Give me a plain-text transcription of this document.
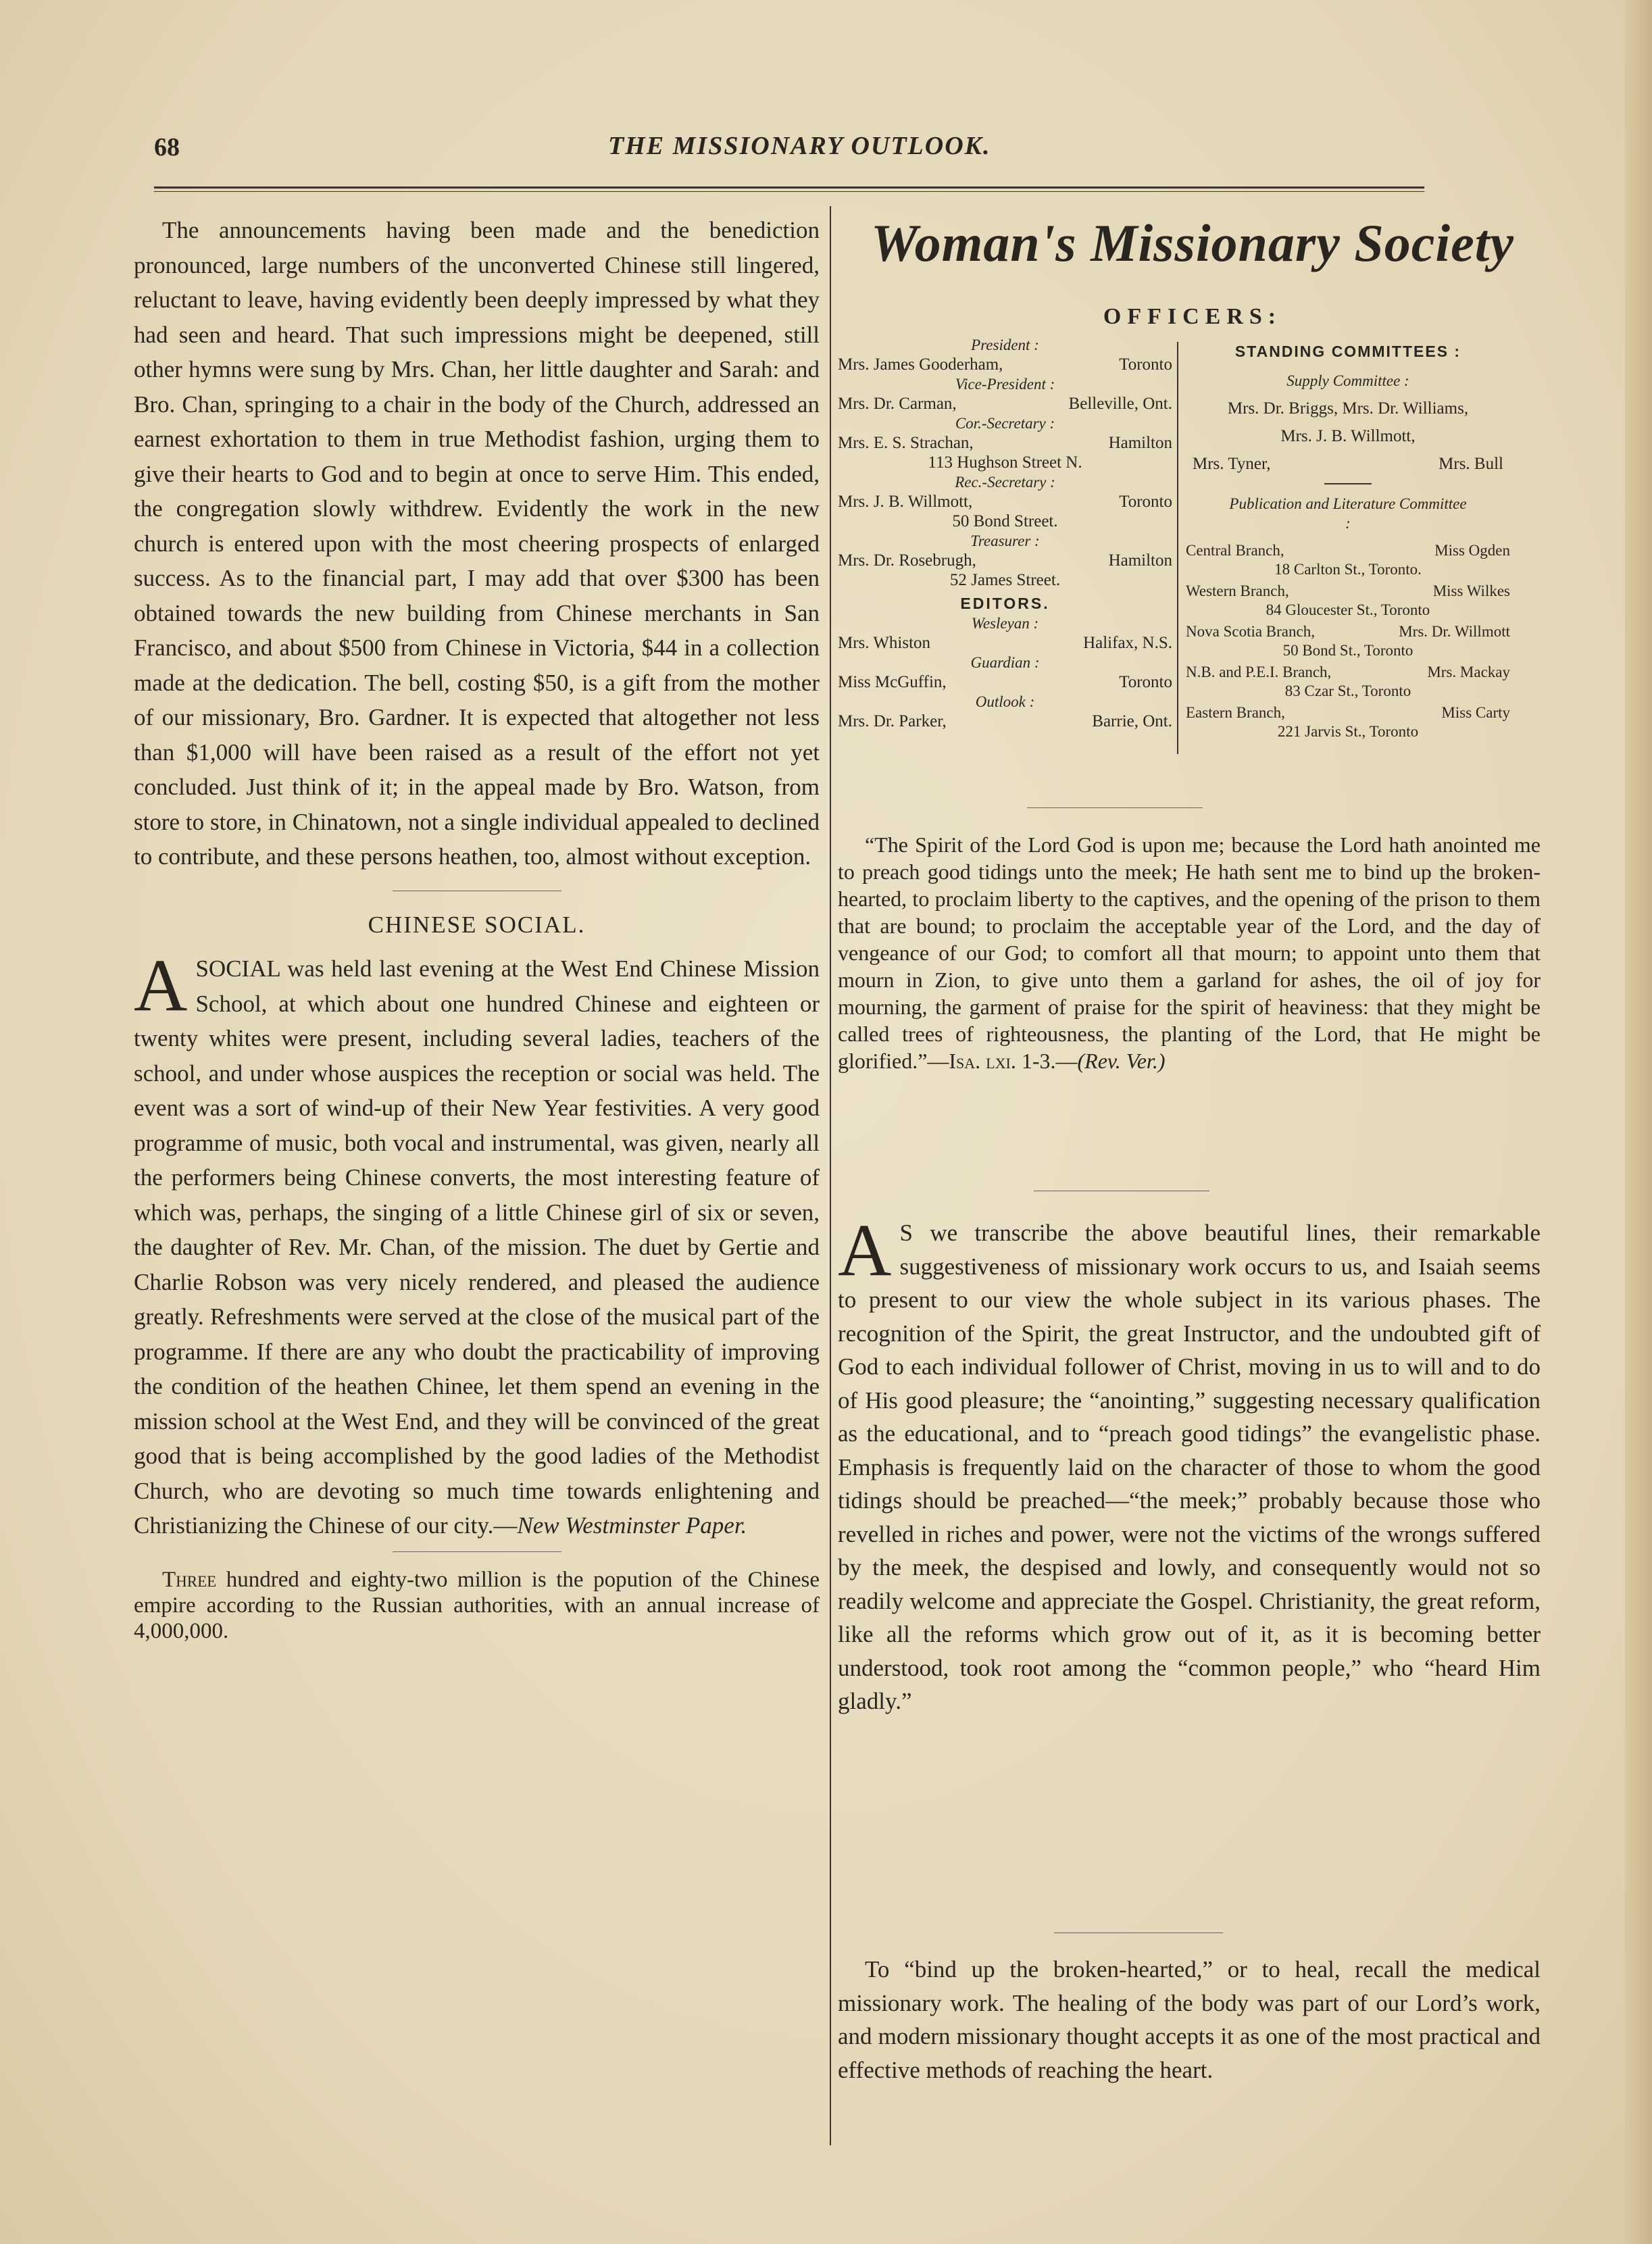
68	THE MISSIONARY OUTLOOK.

The announcements having been made and the benediction pronounced, large numbers of the unconverted Chinese still lingered, reluctant to leave, having evidently been deeply impressed by what they had seen and heard. That such impressions might be deepened, still other hymns were sung by Mrs. Chan, her little daughter and Sarah: and Bro. Chan, springing to a chair in the body of the Church, addressed an earnest exhortation to them in true Methodist fashion, urging them to give their hearts to God and to begin at once to serve Him. This ended, the congregation slowly withdrew. Evidently the work in the new church is entered upon with the most cheering prospects of enlarged success. As to the financial part, I may add that over $300 has been obtained towards the new building from Chinese merchants in San Francisco, and about $500 from Chinese in Victoria, $44 in a collection made at the dedication. The bell, costing $50, is a gift from the mother of our missionary, Bro. Gardner. It is expected that altogether not less than $1,000 will have been raised as a result of the effort not yet concluded. Just think of it; in the appeal made by Bro. Watson, from store to store, in Chinatown, not a single individual appealed to declined to contribute, and these persons heathen, too, almost without exception.

CHINESE SOCIAL.

ASOCIAL was held last evening at the West End Chinese Mission School, at which about one hundred Chinese and eighteen or twenty whites were present, including several ladies, teachers of the school, and under whose auspices the reception or social was held. The event was a sort of wind-up of their New Year festivities. A very good programme of music, both vocal and instrumental, was given, nearly all the performers being Chinese converts, the most interesting feature of which was, perhaps, the singing of a little Chinese girl of six or seven, the daughter of Rev. Mr. Chan, of the mission. The duet by Gertie and Charlie Robson was very nicely rendered, and pleased the audience greatly. Refreshments were served at the close of the musical part of the programme. If there are any who doubt the practicability of improving the condition of the heathen Chinee, let them spend an evening in the mission school at the West End, and they will be convinced of the great good that is being accomplished by the good ladies of the Methodist Church, who are devoting so much time towards enlightening and Christianizing the Chinese of our city.—New Westminster Paper.

Three hundred and eighty-two million is the popution of the Chinese empire according to the Russian authorities, with an annual increase of 4,000,000.

Woman's Missionary Society
OFFICERS:
President :
Mrs. James Gooderham,	Toronto
Vice-President :
Mrs. Dr. Carman,	Belleville, Ont.
Cor.-Secretary :
Mrs. E. S. Strachan,	Hamilton
113 Hughson Street N.
Rec.-Secretary :
Mrs. J. B. Willmott,	Toronto
50 Bond Street.
Treasurer :
Mrs. Dr. Rosebrugh,	Hamilton
52 James Street.
EDITORS.
Wesleyan :
Mrs. Whiston	Halifax, N.S.
Guardian :
Miss McGuffin,	Toronto
Outlook :
Mrs. Dr. Parker,	Barrie, Ont.
STANDING COMMITTEES :
Supply Committee :
Mrs. Dr. Briggs, Mrs. Dr. Williams,
Mrs. J. B. Willmott,
Mrs. Tyner,	Mrs. Bull
Publication and Literature Committee :
Central Branch,	Miss Ogden
18 Carlton St., Toronto.
Western Branch,	Miss Wilkes
84 Gloucester St., Toronto
Nova Scotia Branch,	Mrs. Dr. Willmott
50 Bond St., Toronto
N.B. and P.E.I. Branch,	Mrs. Mackay
83 Czar St., Toronto
Eastern Branch,	Miss Carty
221 Jarvis St., Toronto

“The Spirit of the Lord God is upon me; because the Lord hath anointed me to preach good tidings unto the meek; He hath sent me to bind up the broken-hearted, to proclaim liberty to the captives, and the opening of the prison to them that are bound; to proclaim the acceptable year of the Lord, and the day of vengeance of our God; to comfort all that mourn; to appoint unto them that mourn in Zion, to give unto them a garland for ashes, the oil of joy for mourning, the garment of praise for the spirit of heaviness: that they might be called trees of righteousness, the planting of the Lord, that He might be glorified.”—Isa. lxi. 1-3.—(Rev. Ver.)

A S we transcribe the above beautiful lines, their remarkable suggestiveness of missionary work occurs to us, and Isaiah seems to present to our view the whole subject in its various phases. The recognition of the Spirit, the great Instructor, and the undoubted gift of God to each individual follower of Christ, moving in us to will and to do of His good pleasure; the “anointing,” suggesting necessary qualification as the educational, and to “preach good tidings” the evangelistic phase. Emphasis is frequently laid on the character of those to whom the good tidings should be preached—“the meek;” probably because those who revelled in riches and power, were not the victims of the wrongs suffered by the meek, the despised and lowly, and consequently would not so readily welcome and appreciate the Gospel. Christianity, the great reform, like all the reforms which grow out of it, as it is becoming better understood, took root among the “common people,” who “heard Him gladly.”

To “bind up the broken-hearted,” or to heal, recall the medical missionary work. The healing of the body was part of our Lord’s work, and modern missionary thought accepts it as one of the most practical and effective methods of reaching the heart.
